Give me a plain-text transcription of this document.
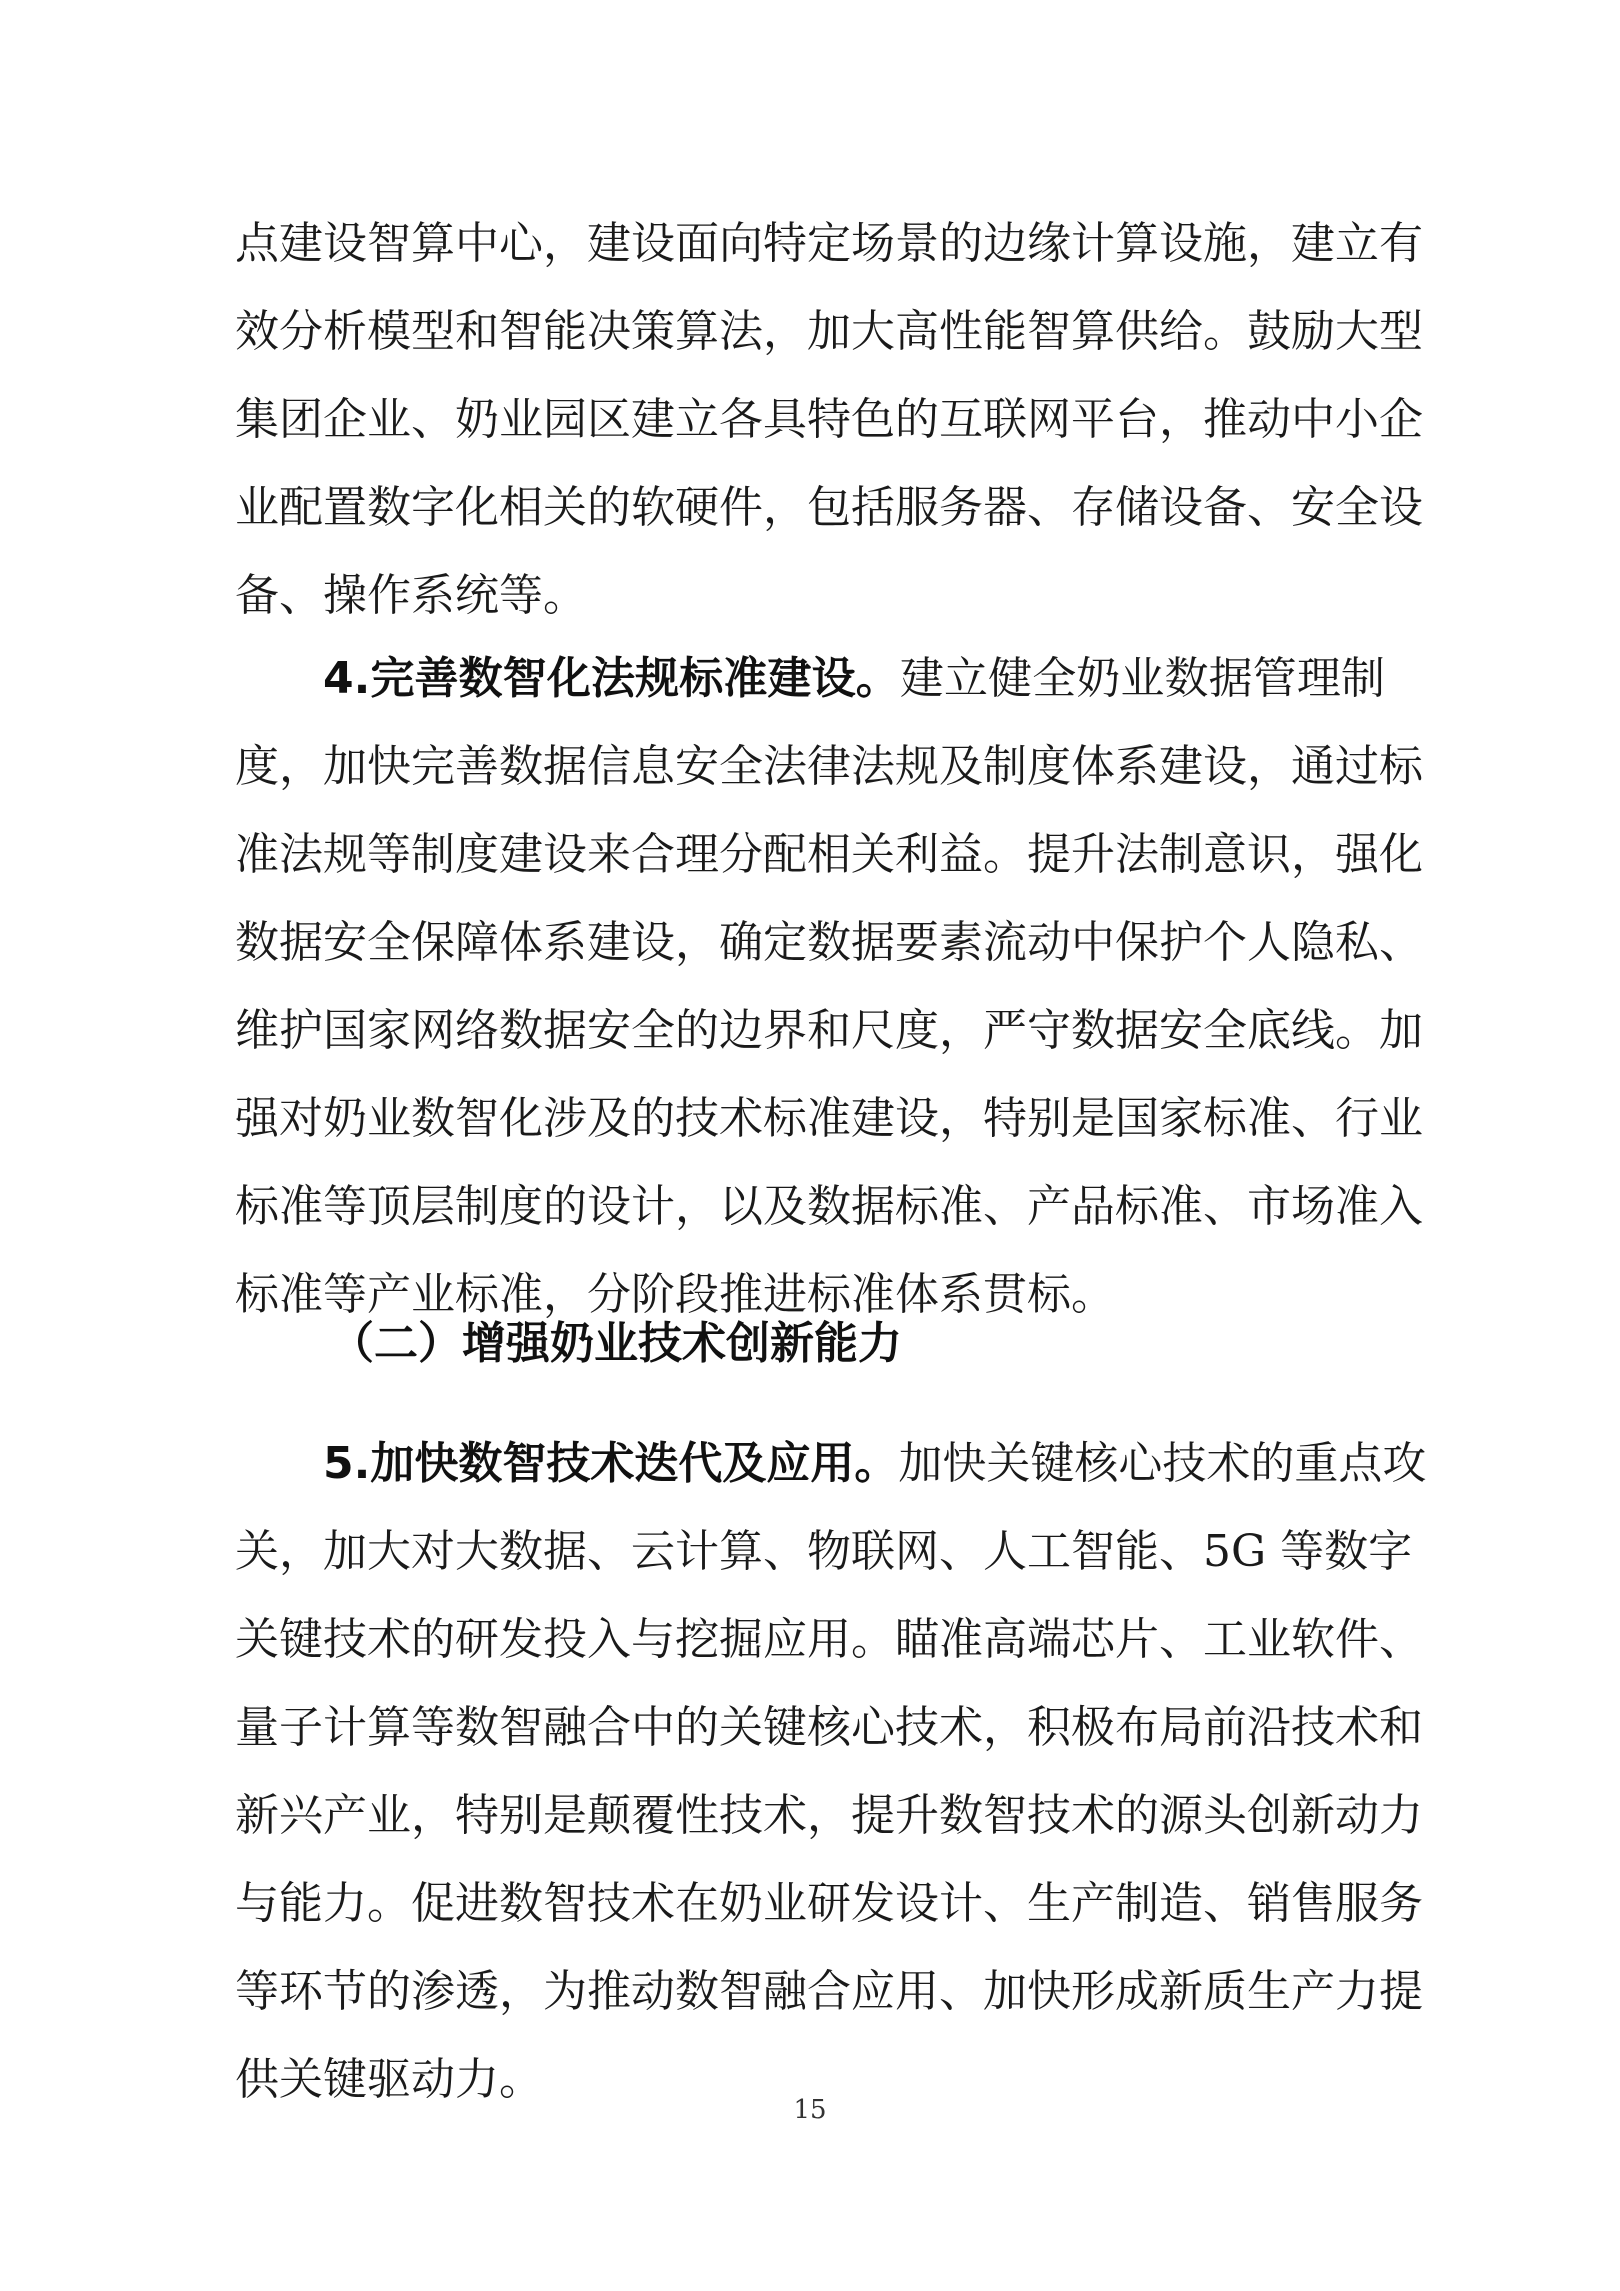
点建设智算中心，建设面向特定场景的边缘计算设施，建立有
效分析模型和智能决策算法，加大高性能智算供给。鼓励大型
集团企业、奶业园区建立各具特色的互联网平台，推动中小企
业配置数字化相关的软硬件，包括服务器、存储设备、安全设
备、操作系统等。
4.完善数智化法规标准建设。建立健全奶业数据管理制
度，加快完善数据信息安全法律法规及制度体系建设，通过标
准法规等制度建设来合理分配相关利益。提升法制意识，强化
数据安全保障体系建设，确定数据要素流动中保护个人隐私、
维护国家网络数据安全的边界和尺度，严守数据安全底线。加
强对奶业数智化涉及的技术标准建设，特别是国家标准、行业
标准等顶层制度的设计，以及数据标准、产品标准、市场准入
标准等产业标准，分阶段推进标准体系贯标。
（二）增强奶业技术创新能力
5.加快数智技术迭代及应用。加快关键核心技术的重点攻
关，加大对大数据、云计算、物联网、人工智能、5G 等数字
关键技术的研发投入与挖掘应用。瞄准高端芯片、工业软件、
量子计算等数智融合中的关键核心技术，积极布局前沿技术和
新兴产业，特别是颠覆性技术，提升数智技术的源头创新动力
与能力。促进数智技术在奶业研发设计、生产制造、销售服务
等环节的渗透，为推动数智融合应用、加快形成新质生产力提
供关键驱动力。
15
